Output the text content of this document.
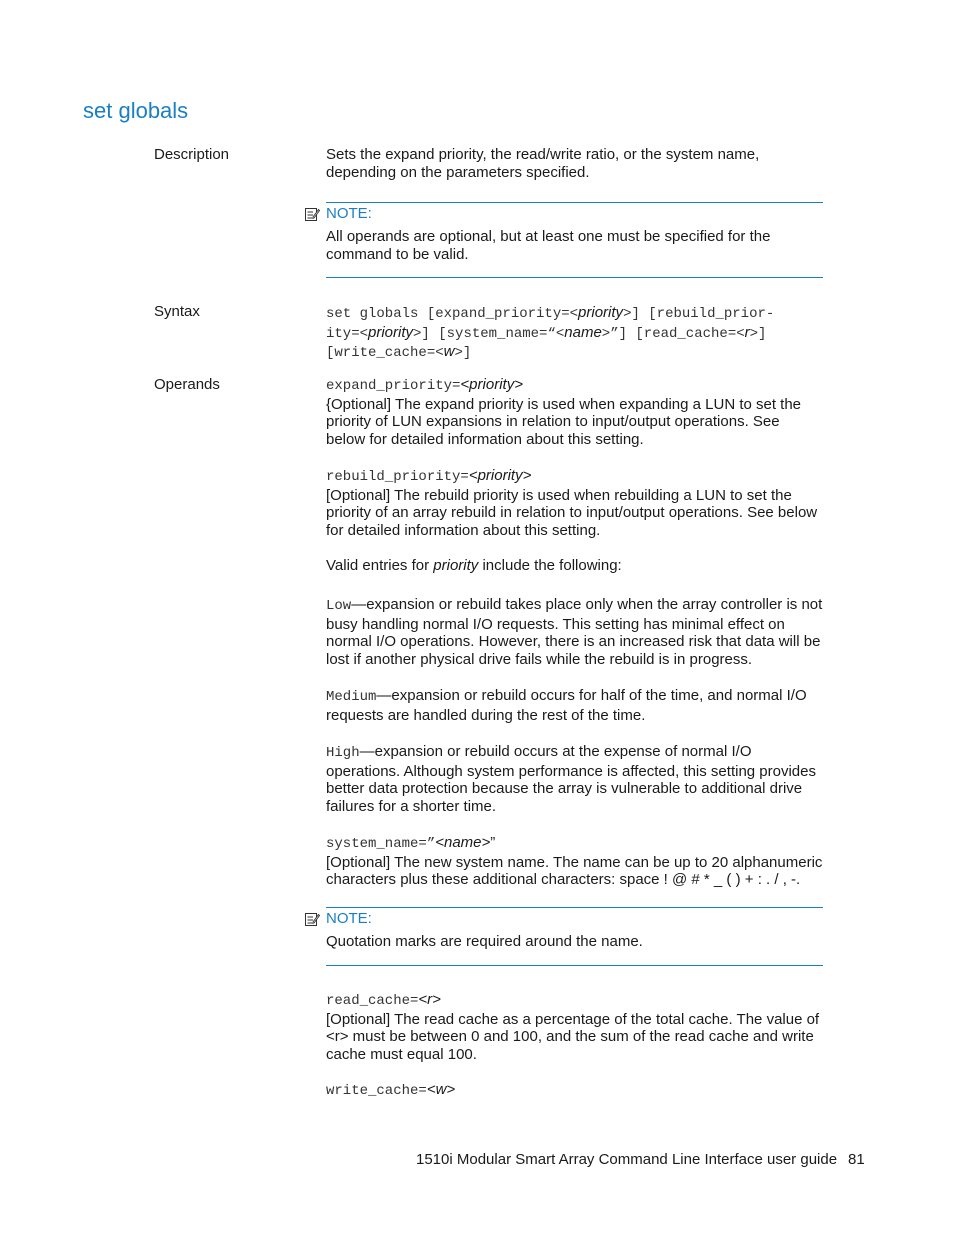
set globals
Description	Sets the expand priority, the read/write ratio, or the system name, depending on the parameters specified.

NOTE:

All operands are optional, but at least one must be specified for the command to be valid.

Syntax	set globals [expand_priority=<priority>] [rebuild_prior-
ity=<priority>] [system_name=“<name>”] [read_cache=<r>]
[write_cache=<w>]
Operands	expand_priority=<priority>

{Optional] The expand priority is used when expanding a LUN to set the priority of LUN expansions in relation to input/output operations. See below for detailed information about this setting.

rebuild_priority=<priority>

[Optional] The rebuild priority is used when rebuilding a LUN to set the priority of an array rebuild in relation to input/output operations. See below for detailed information about this setting.

Valid entries for priority include the following:

Low—expansion or rebuild takes place only when the array controller is not busy handling normal I/O requests. This setting has minimal effect on normal I/O operations. However, there is an increased risk that data will be lost if another physical drive fails while the rebuild is in progress.

Medium—expansion or rebuild occurs for half of the time, and normal I/O requests are handled during the rest of the time.

High—expansion or rebuild occurs at the expense of normal I/O operations. Although system performance is affected, this setting provides better data protection because the array is vulnerable to additional drive failures for a shorter time.

system_name=”<name>”

[Optional] The new system name. The name can be up to 20 alphanumeric characters plus these additional characters: space ! @ # * _ ( ) + : . / , -.

NOTE:

Quotation marks are required around the name.

read_cache=<r>

[Optional] The read cache as a percentage of the total cache. The value of <r> must be between 0 and 100, and the sum of the read cache and write cache must equal 100.

write_cache=<w>
1510i Modular Smart Array Command Line Interface user guide 81
